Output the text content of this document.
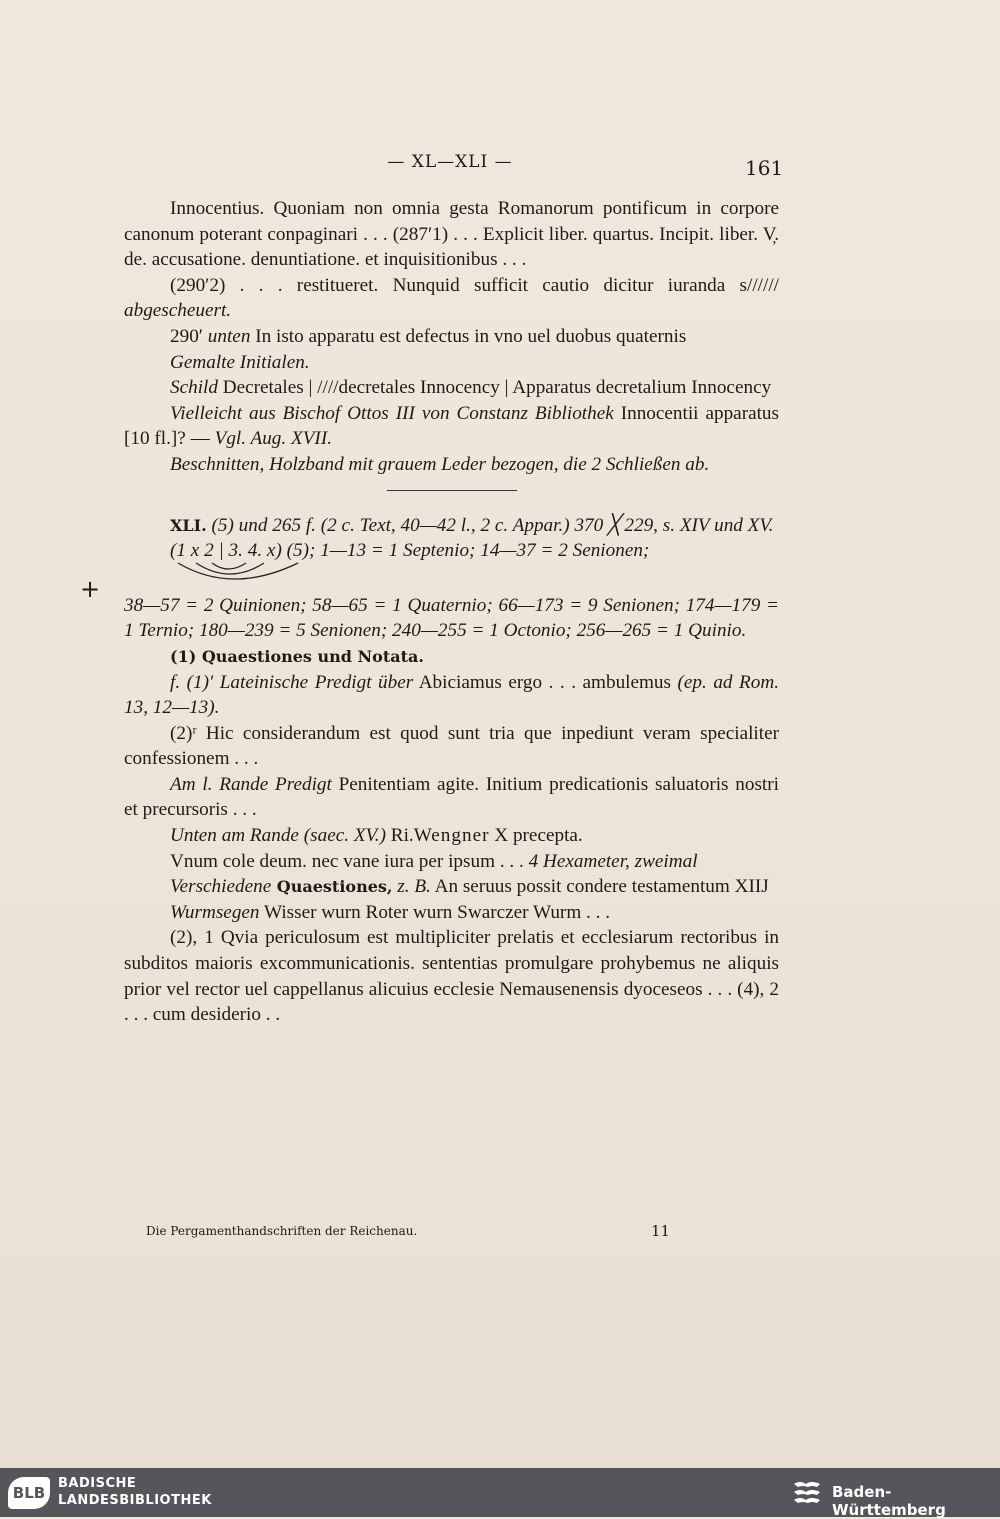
— XL—XLI —	161
+

Innocentius. Quoniam non omnia gesta Romanorum pontificum in corpore canonum poterant conpaginari . . . (287′1) . . . Explicit liber. quartus. Incipit. liber. V̦. de. accusatione. denuntiatione. et inquisitionibus . . .

(290′2) . . . restitueret. Nunquid sufficit cautio dicitur iuranda s////// abgescheuert.

290′ unten In isto apparatu est defectus in vno uel duobus quaternis

Gemalte Initialen.

Schild Decretales | ////decretales Innocency | Apparatus decretalium Innocency

Vielleicht aus Bischof Ottos III von Constanz Bibliothek Innocentii apparatus [10 fl.]? — Vgl. Aug. XVII.

Beschnitten, Holzband mit grauem Leder bezogen, die 2 Schließen ab.

XLI. (5) und 265 f. (2 c. Text, 40—42 l., 2 c. Appar.) 370 ╳ 229, s. XIV und XV.

(1 x 2 | 3. 4. x) (5); 1—13 = 1 Septenio; 14—37 = 2 Senionen;

38—57 = 2 Quinionen; 58—65 = 1 Quaternio; 66—173 = 9 Senionen; 174—179 = 1 Ternio; 180—239 = 5 Senionen; 240—255 = 1 Octonio; 256—265 = 1 Quinio.

(1) Quaestiones und Notata.

f. (1)′ Lateinische Predigt über Abiciamus ergo . . . ambulemus (ep. ad Rom. 13, 12—13).

(2)ʳ Hic considerandum est quod sunt tria que inpediunt veram specialiter confessionem . . .

Am l. Rande Predigt Penitentiam agite. Initium predicationis saluatoris nostri et precursoris . . .

Unten am Rande (saec. XV.) Ri.Wengner X precepta.

Vnum cole deum. nec vane iura per ipsum . . . 4 Hexameter, zweimal

Verschiedene Quaestiones, z. B. An seruus possit condere testamentum XIIJ

Wurmsegen Wisser wurn Roter wurn Swarczer Wurm . . .

(2), 1 Qvia periculosum est multipliciter prelatis et ecclesiarum rectoribus in subditos maioris excommunicationis. sententias promulgare prohybemus ne aliquis prior vel rector uel cappellanus alicuius ecclesie Nemausenensis dyoceseos . . . (4), 2 . . . cum desiderio . .

Die Pergamenthandschriften der Reichenau.	11
BLB
BADISCHE
LANDESBIBLIOTHEK	Baden-Württemberg
